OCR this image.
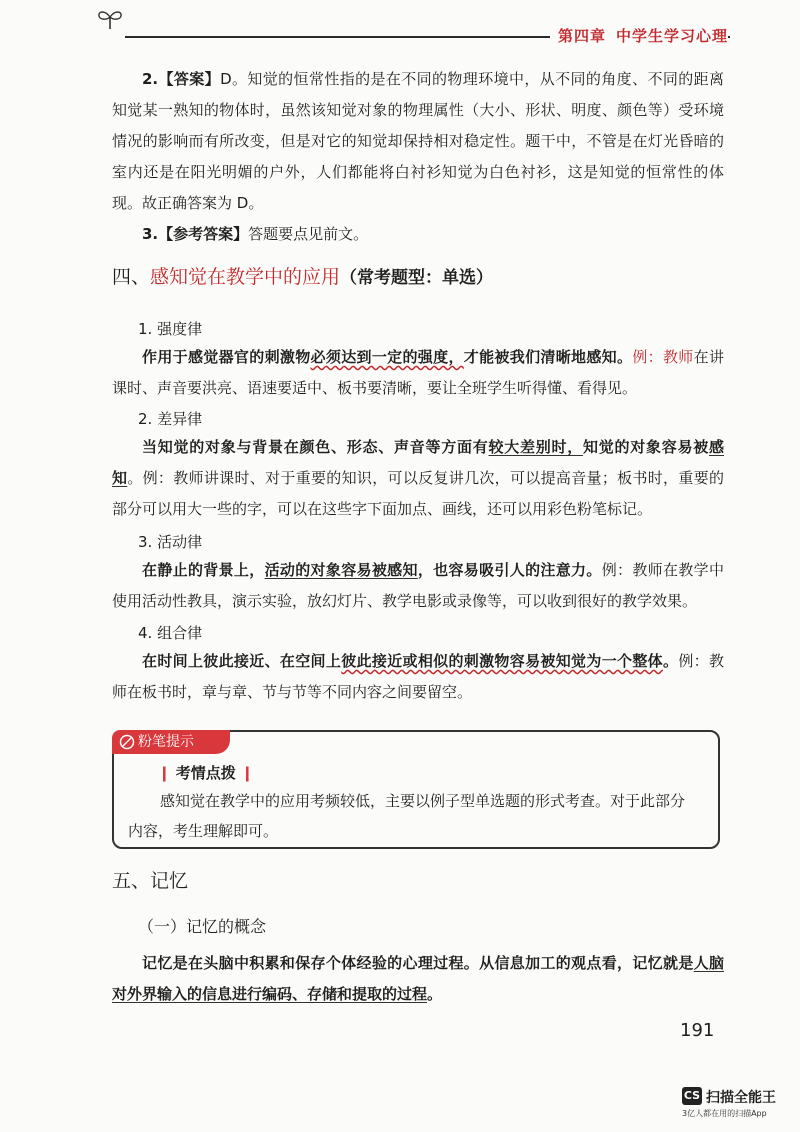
第四章 中学生学习心理
2.【答案】D。知觉的恒常性指的是在不同的物理环境中，从不同的角度、不同的距离知觉某一熟知的物体时，虽然该知觉对象的物理属性（大小、形状、明度、颜色等）受环境情况的影响而有所改变，但是对它的知觉却保持相对稳定性。题干中，不管是在灯光昏暗的室内还是在阳光明媚的户外，人们都能将白衬衫知觉为白色衬衫，这是知觉的恒常性的体现。故正确答案为 D。
3.【参考答案】答题要点见前文。
四、感知觉在教学中的应用（常考题型：单选）
1. 强度律
作用于感觉器官的刺激物必须达到一定的强度，才能被我们清晰地感知。例：教师在讲课时、声音要洪亮、语速要适中、板书要清晰，要让全班学生听得懂、看得见。
2. 差异律
当知觉的对象与背景在颜色、形态、声音等方面有较大差别时，知觉的对象容易被感知。例：教师讲课时、对于重要的知识，可以反复讲几次，可以提高音量；板书时，重要的部分可以用大一些的字，可以在这些字下面加点、画线，还可以用彩色粉笔标记。
3. 活动律
在静止的背景上，活动的对象容易被感知，也容易吸引人的注意力。例：教师在教学中使用活动性教具，演示实验，放幻灯片、教学电影或录像等，可以收到很好的教学效果。
4. 组合律
在时间上彼此接近、在空间上彼此接近或相似的刺激物容易被知觉为一个整体。例：教师在板书时，章与章、节与节等不同内容之间要留空。
粉笔提示
❙ 考情点拨 ❙
感知觉在教学中的应用考频较低，主要以例子型单选题的形式考查。对于此部分内容，考生理解即可。
五、记忆
（一）记忆的概念
记忆是在头脑中积累和保存个体经验的心理过程。从信息加工的观点看，记忆就是人脑对外界输入的信息进行编码、存储和提取的过程。
191
CS 扫描全能王
3亿人都在用的扫描App
